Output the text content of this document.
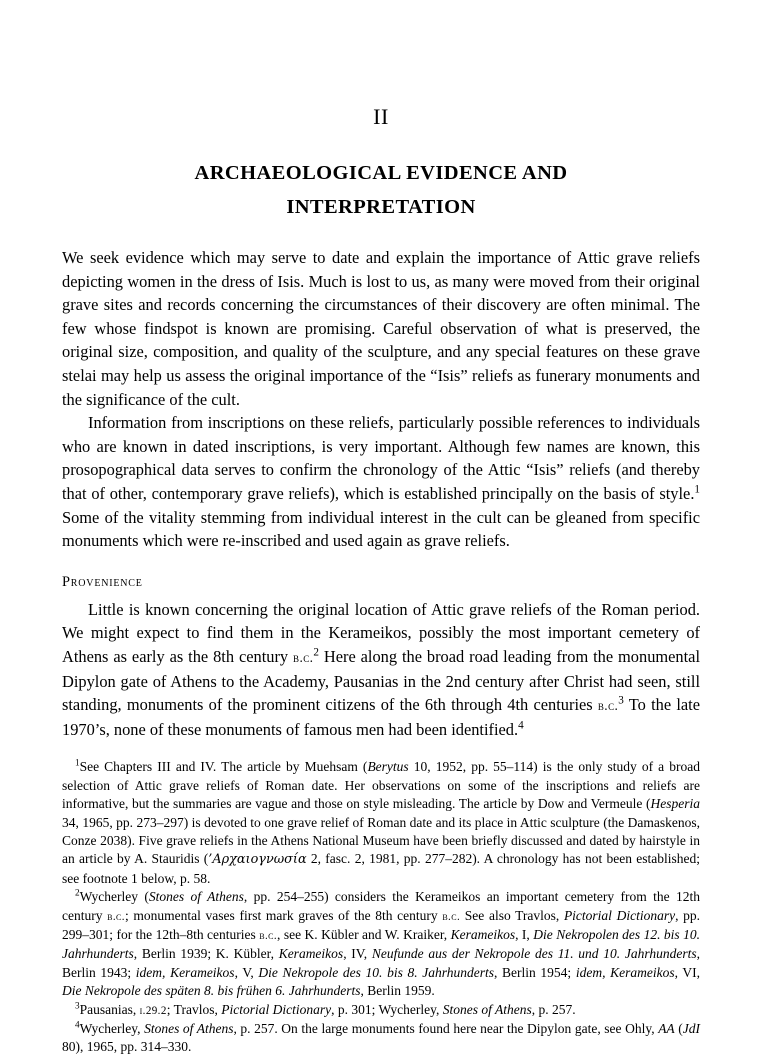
II
ARCHAEOLOGICAL EVIDENCE AND
INTERPRETATION

We seek evidence which may serve to date and explain the importance of Attic grave reliefs depicting women in the dress of Isis. Much is lost to us, as many were moved from their original grave sites and records concerning the circumstances of their discovery are often minimal. The few whose findspot is known are promising. Careful observation of what is preserved, the original size, composition, and quality of the sculpture, and any special features on these grave stelai may help us assess the original importance of the “Isis” reliefs as funerary monuments and the significance of the cult.

Information from inscriptions on these reliefs, particularly possible references to individuals who are known in dated inscriptions, is very important. Although few names are known, this prosopographical data serves to confirm the chronology of the Attic “Isis” reliefs (and thereby that of other, contemporary grave reliefs), which is established principally on the basis of style.$^1$ Some of the vitality stemming from individual interest in the cult can be gleaned from specific monuments which were re-inscribed and used again as grave reliefs.

Provenience

Little is known concerning the original location of Attic grave reliefs of the Roman period. We might expect to find them in the Kerameikos, possibly the most important cemetery of Athens as early as the 8th century b.c.$^2$ Here along the broad road leading from the monumental Dipylon gate of Athens to the Academy, Pausanias in the 2nd century after Christ had seen, still standing, monuments of the prominent citizens of the 6th through 4th centuries b.c.$^3$ To the late 1970’s, none of these monuments of famous men had been identified.$^4$

$^1$See Chapters III and IV. The article by Muehsam (Berytus 10, 1952, pp. 55–114) is the only study of a broad selection of Attic grave reliefs of Roman date. Her observations on some of the inscriptions and reliefs are informative, but the summaries are vague and those on style misleading. The article by Dow and Vermeule (Hesperia 34, 1965, pp. 273–297) is devoted to one grave relief of Roman date and its place in Attic sculpture (the Damaskenos, Conze 2038). Five grave reliefs in the Athens National Museum have been briefly discussed and dated by hairstyle in an article by A. Stauridis (’Αρχαιογνωσία 2, fasc. 2, 1981, pp. 277–282). A chronology has not been established; see footnote 1 below, p. 58.

$^2$Wycherley (Stones of Athens, pp. 254–255) considers the Kerameikos an important cemetery from the 12th century b.c.; monumental vases first mark graves of the 8th century b.c. See also Travlos, Pictorial Dictionary, pp. 299–301; for the 12th–8th centuries b.c., see K. Kübler and W. Kraiker, Kerameikos, I, Die Nekropolen des 12. bis 10. Jahrhunderts, Berlin 1939; K. Kübler, Kerameikos, IV, Neufunde aus der Nekropole des 11. und 10. Jahrhunderts, Berlin 1943; idem, Kerameikos, V, Die Nekropole des 10. bis 8. Jahrhunderts, Berlin 1954; idem, Kerameikos, VI, Die Nekropole des späten 8. bis frühen 6. Jahrhunderts, Berlin 1959.

$^3$Pausanias, i.29.2; Travlos, Pictorial Dictionary, p. 301; Wycherley, Stones of Athens, p. 257.

$^4$Wycherley, Stones of Athens, p. 257. On the large monuments found here near the Dipylon gate, see Ohly, AA (JdI 80), 1965, pp. 314–330.
